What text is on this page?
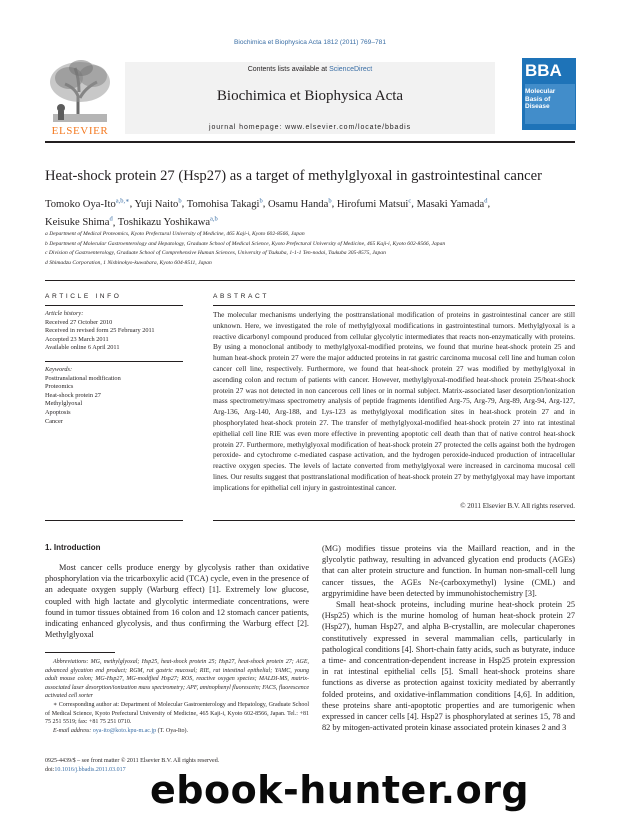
Biochimica et Biophysica Acta 1812 (2011) 769–781
ELSEVIER
Contents lists available at ScienceDirect
Biochimica et Biophysica Acta
journal homepage: www.elsevier.com/locate/bbadis
BBA
Molecular
Basis of
Disease
Heat-shock protein 27 (Hsp27) as a target of methylglyoxal in gastrointestinal cancer
Tomoko Oya-Ito$^{a,b,∗}$, Yuji Naito$^b$, Tomohisa Takagi$^b$, Osamu Handa$^b$, Hirofumi Matsui$^c$, Masaki Yamada$^d$,
Keisuke Shima$^d$, Toshikazu Yoshikawa$^{a,b}$
a Department of Medical Proteomics, Kyoto Prefectural University of Medicine, 465 Kaji-i, Kyoto 602-8566, Japan
b Department of Molecular Gastroenterology and Hepatology, Graduate School of Medical Science, Kyoto Prefectural University of Medicine, 465 Kaji-i, Kyoto 602-8566, Japan
c Division of Gastroenterology, Graduate School of Comprehensive Human Sciences, University of Tsukuba, 1-1-1 Ten-nodai, Tsukuba 305-8575, Japan
d Shimadzu Corporation, 1 Nishinokyo-kuwabara, Kyoto 604-8511, Japan
ARTICLE INFO
Article history:
Received 27 October 2010
Received in revised form 25 February 2011
Accepted 23 March 2011
Available online 6 April 2011
Keywords:
Posttranslational modification
Proteomics
Heat-shock protein 27
Methylglyoxal
Apoptosis
Cancer
ABSTRACT
The molecular mechanisms underlying the posttranslational modification of proteins in gastrointestinal cancer are still unknown. Here, we investigated the role of methylglyoxal modifications in gastrointestinal tumors. Methylglyoxal is a reactive dicarbonyl compound produced from cellular glycolytic intermediates that reacts non-enzymatically with proteins. By using a monoclonal antibody to methylglyoxal-modified proteins, we found that murine heat-shock protein 25 and human heat-shock protein 27 were the major adducted proteins in rat gastric carcinoma mucosal cell line and human colon cancer cell line, respectively. Furthermore, we found that heat-shock protein 27 was modified by methylglyoxal in ascending colon and rectum of patients with cancer. However, methylglyoxal-modified heat-shock protein 25/heat-shock protein 27 was not detected in non cancerous cell lines or in normal subject. Matrix-associated laser desorption/ionization mass spectrometry/mass spectrometry analysis of peptide fragments identified Arg-75, Arg-79, Arg-89, Arg-94, Arg-127, Arg-136, Arg-140, Arg-188, and Lys-123 as methylglyoxal modification sites in heat-shock protein 27 and in phosphorylated heat-shock protein 27. The transfer of methylglyoxal-modified heat-shock protein 27 into rat intestinal epithelial cell line RIE was even more effective in preventing apoptotic cell death than that of native control heat-shock protein 27. Furthermore, methylglyoxal modification of heat-shock protein 27 protected the cells against both the hydrogen peroxide- and cytochrome c-mediated caspase activation, and the hydrogen peroxide-induced production of intracellular reactive oxygen species. The levels of lactate converted from methylglyoxal were increased in carcinoma mucosal cell lines. Our results suggest that posttranslational modification of heat-shock protein 27 by methylglyoxal may have important implications for epithelial cell injury in gastrointestinal cancer.
© 2011 Elsevier B.V. All rights reserved.
1. Introduction
Most cancer cells produce energy by glycolysis rather than oxidative phosphorylation via the tricarboxylic acid (TCA) cycle, even in the presence of an adequate oxygen supply (Warburg effect) [1]. Extremely low glucose, coupled with high lactate and glycolytic intermediate concentrations, were found in tumor tissues obtained from 16 colon and 12 stomach cancer patients, indicating enhanced glycolysis, and thus confirming the Warburg effect [2]. Methylglyoxal
(MG) modifies tissue proteins via the Maillard reaction, and in the glycolytic pathway, resulting in advanced glycation end products (AGEs) that can alter protein structure and function. In human non-small-cell lung cancer tissues, the AGEs Nε-(carboxymethyl) lysine (CML) and argpyrimidine have been detected by immunohistochemistry [3].
Small heat-shock proteins, including murine heat-shock protein 25 (Hsp25) which is the murine homolog of human heat-shock protein 27 (Hsp27), human Hsp27, and alpha B-crystallin, are molecular chaperones constitutively expressed in several mammalian cells, particularly in pathological conditions [4]. Short-chain fatty acids, such as butyrate, induce a time- and concentration-dependent increase in Hsp25 protein expression in rat intestinal epithelial cells [5]. Small heat-shock proteins share functions as diverse as protection against toxicity mediated by aberrantly folded proteins, and oxidative-inflammation conditions [4,6]. In addition, these proteins share anti-apoptotic properties and are tumorigenic when expressed in cancer cells [4]. Hsp27 is phosphorylated at serines 15, 78 and 82 by mitogen-activated protein kinase associated protein kinases 2 and 3
Abbreviations: MG, methylglyoxal; Hsp25, heat-shock protein 25; Hsp27, heat-shock protein 27; AGE, advanced glycation end product; RGM, rat gastric mucosal; RIE, rat intestinal epithelial; YAMC, young adult mouse colon; MG-Hsp27, MG-modified Hsp27; ROS, reactive oxygen species; MALDI-MS, matrix-associated laser desorption/ionization mass spectrometry; APF, aminophenyl fluorescein; FACS, fluorescence activated cell sorter
∗ Corresponding author at: Department of Molecular Gastroenterology and Hepatology, Graduate School of Medical Science, Kyoto Prefectural University of Medicine, 465 Kaji-i, Kyoto 602-8566, Japan. Tel.: +81 75 251 5519; fax: +81 75 251 0710.
E-mail address: oya-ito@koto.kpu-m.ac.jp (T. Oya-Ito).
0925-4439/$ – see front matter © 2011 Elsevier B.V. All rights reserved.
doi:10.1016/j.bbadis.2011.03.017 ebook-hunter.org
